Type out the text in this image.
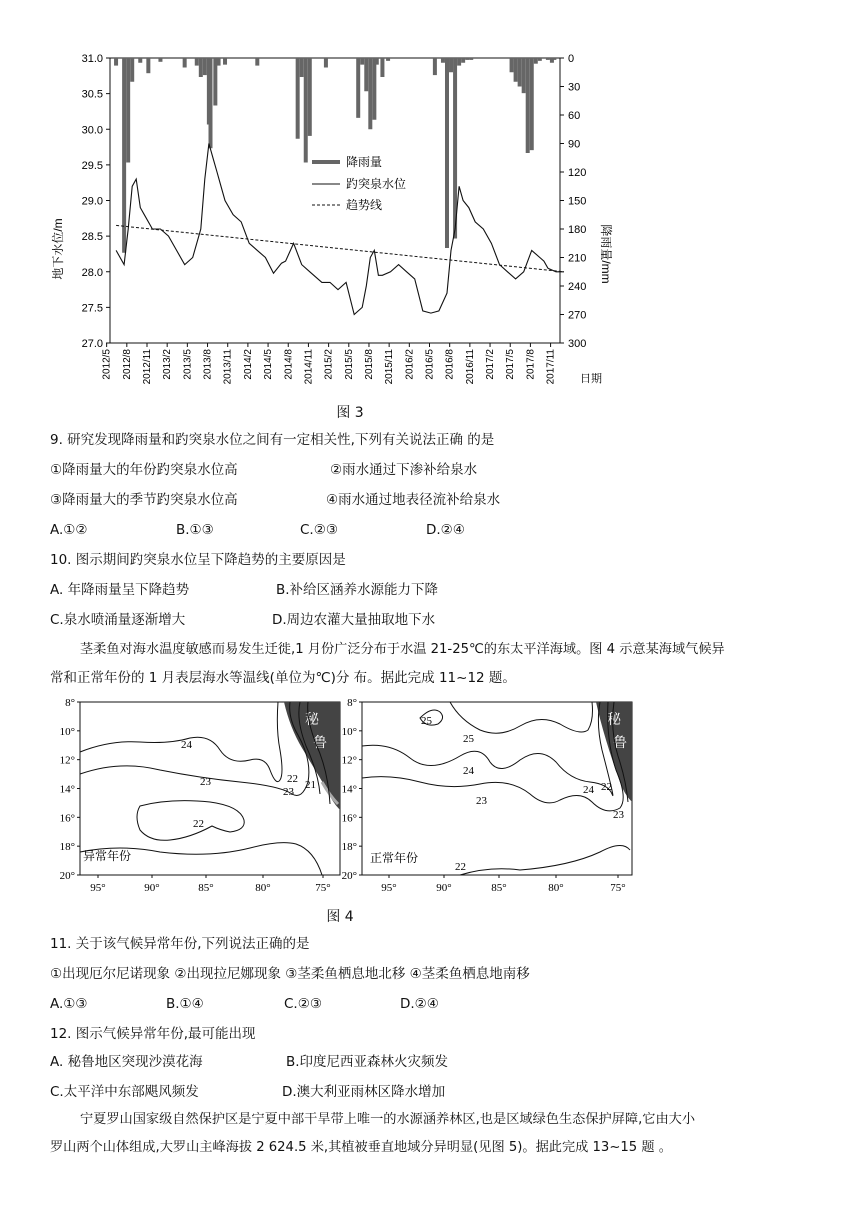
地下水位/m	降雨量/mm
日期
31.0
30.5
30.0
29.5
29.0
28.5
28.0
27.5
27.0
0
30
60
90
120
150
180
210
240
270
300
2012/5 2012/8 2012/11 2013/2 2013/5 2013/8 2013/11 2014/2 2014/5 2014/8 2014/11 2015/2 2015/5 2015/8 2015/11 2016/2 2016/5 2016/8 2016/11 2017/2 2017/5 2017/8 2017/11
降雨量
趵突泉水位
趋势线
图 3
9. 研究发现降雨量和趵突泉水位之间有一定相关性,下列有关说法正确 的是
①降雨量大的年份趵突泉水位高	②雨水通过下渗补给泉水
③降雨量大的季节趵突泉水位高	④雨水通过地表径流补给泉水
A.①②	B.①③	C.②③	D.②④
10. 图示期间趵突泉水位呈下降趋势的主要原因是
A. 年降雨量呈下降趋势	B.补给区涵养水源能力下降
C.泉水喷涌量逐渐增大	D.周边农灌大量抽取地下水
茎柔鱼对海水温度敏感而易发生迁徙,1 月份广泛分布于水温 21-25℃的东太平洋海域。图 4 示意某海域气候异
常和正常年份的 1 月表层海水等温线(单位为℃)分 布。据此完成 11~12 题。
秘
鲁
24
23
22
22
23
21
异常年份
秘
鲁
25
25
24
23
22
24 22
23
正常年份
8°
10°
12°
14°
16°
18°
20°
8°
10°
12°
14°
16°
18°
20°
95°	90°	85°	80°	75°	95°	90°	85°	80°	75°
图 4
11. 关于该气候异常年份,下列说法正确的是
①出现厄尔尼诺现象 ②出现拉尼娜现象 ③茎柔鱼栖息地北移 ④茎柔鱼栖息地南移
A.①③	B.①④	C.②③	D.②④
12. 图示气候异常年份,最可能出现
A. 秘鲁地区突现沙漠花海	B.印度尼西亚森林火灾频发
C.太平洋中东部飓风频发	D.澳大利亚雨林区降水增加
宁夏罗山国家级自然保护区是宁夏中部干旱带上唯一的水源涵养林区,也是区域绿色生态保护屏障,它由大小
罗山两个山体组成,大罗山主峰海拔 2 624.5 米,其植被垂直地域分异明显(见图 5)。据此完成 13~15 题 。
